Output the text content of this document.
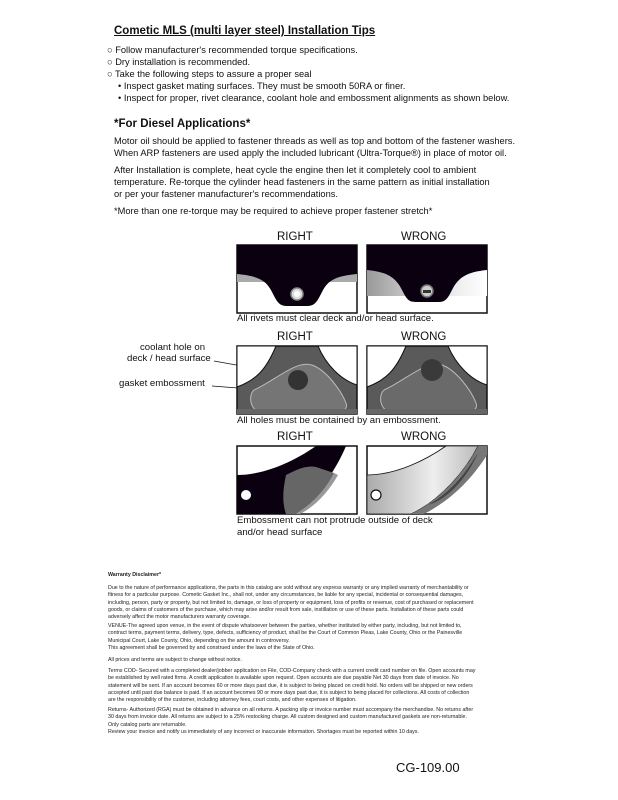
Cometic MLS (multi layer steel) Installation Tips
○ Follow manufacturer's recommended torque specifications.
○ Dry installation is recommended.
○ Take the following steps to assure a proper seal
• Inspect gasket mating surfaces. They must be smooth 50RA or finer.
• Inspect for proper, rivet clearance, coolant hole and embossment alignments as shown below.
*For Diesel Applications*
Motor oil should be applied to fastener threads as well as top and bottom of the fastener washers.
When ARP fasteners are used apply the included lubricant (Ultra-Torque®) in place of motor oil.
After Installation is complete, heat cycle the engine then let it completely cool to ambient
temperature. Re-torque the cylinder head fasteners in the same pattern as initial installation
or per your fastener manufacturer's recommendations.
*More than one re-torque may be required to achieve proper fastener stretch*
RIGHT	WRONG
All rivets must clear deck and/or head surface.
RIGHT	WRONG
coolant hole on
deck / head surface
gasket embossment
All holes must be contained by an embossment.
RIGHT	WRONG
Embossment can not protrude outside of deck
and/or head surface
Warranty Disclaimer*
Due to the nature of performance applications, the parts in this catalog are sold without any express warranty or any implied warranty of merchantability or
fitness for a particular purpose. Cometic Gasket Inc., shall not, under any circumstances, be liable for any special, incidental or consequential damages,
including, person, party or property, but not limited to, damage, or loss of property or equipment, loss of profits or revenue, cost of purchased or replacement
goods, or claims of customers of the purchase, which may arise and/or result from sale, instillation or use of these parts. Installation of these parts could
adversely affect the motor manufacturers warranty coverage.
VENUE-The agreed upon venue, in the event of dispute whatsoever between the parties, whether instituted by either party, including, but not limited to,
contract terms, payment terms, delivery, type, defects, sufficiency of product, shall be the Court of Common Pleas, Lake County, Ohio or the Painesville
Municipal Court, Lake County, Ohio, depending on the amount in controversy.
This agreement shall be governed by and construed under the laws of the State of Ohio.
All prices and terms are subject to change without notice.
Terms COD- Secured with a completed dealer/jobber application on File, COD-Company check with a current credit card number on file. Open accounts may
be established by well rated firms. A credit application is available upon request. Open accounts are due payable Net 30 days from date of invoice. No
statement will be sent. If an account becomes 60 or more days past due, it is subject to being placed on credit hold. No orders will be shipped or new orders
accepted until past due balance is paid. If an account becomes 90 or more days past due, it is subject to being placed for collections. All costs of collection
are the responsibility of the customer, including attorney fees, court costs, and other expenses of litigation.
Returns- Authorized (RGA) must be obtained in advance on all returns. A packing slip or invoice number must accompany the merchandise. No returns after
30 days from invoice date. All returns are subject to a 25% restocking charge. All custom designed and custom manufactured gaskets are non-returnable.
Only catalog parts are returnable.
Review your invoice and notify us immediately of any incorrect or inaccurate information. Shortages must be reported within 10 days.
CG-109.00
